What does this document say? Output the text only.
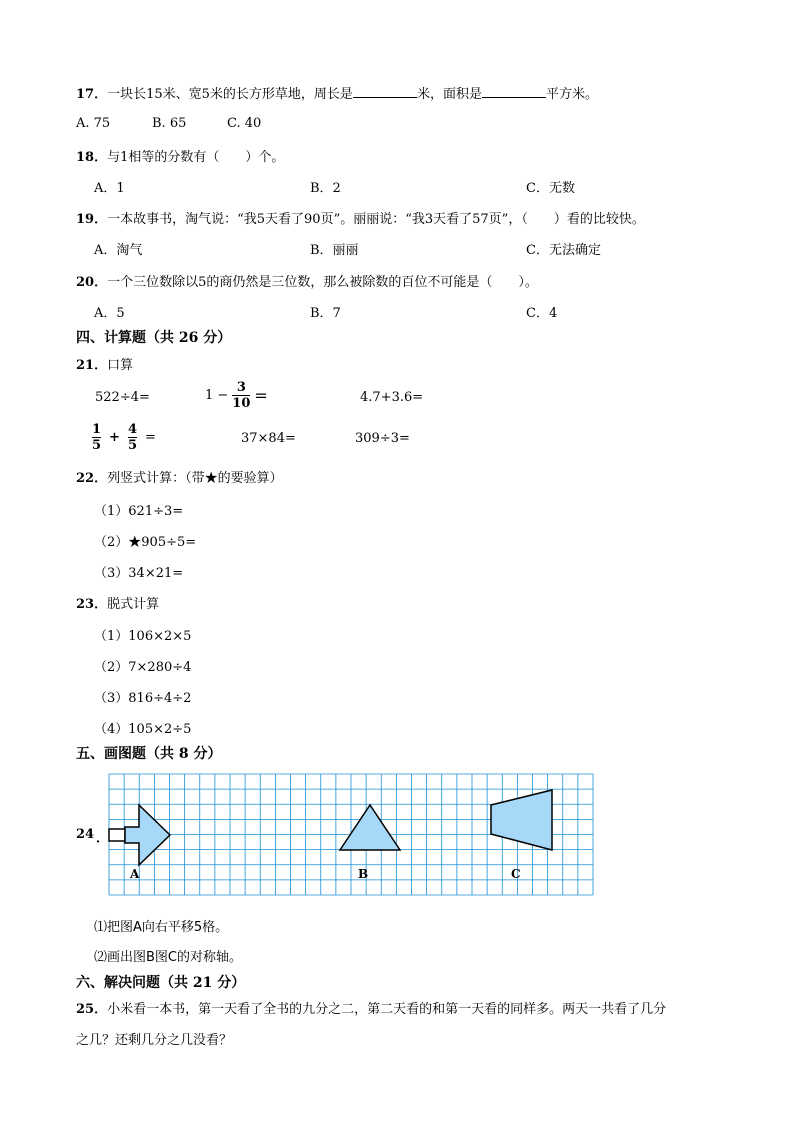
17．一块长15米、宽5米的长方形草地，周长是	米，面积是	平方米。
A. 75	B. 65	C. 40
18．与1相等的分数有（　　）个。
A．1	B．2	C．无数
19．一本故事书，淘气说：“我5天看了90页”。丽丽说：“我3天看了57页”，（　　）看的比较快。
A．淘气	B．丽丽	C．无法确定
20．一个三位数除以5的商仍然是三位数，那么被除数的百位不可能是（　　）。
A．5	B．7	C．4
四、计算题（共 26 分）
21．口算
522÷4=	$1 - \frac{3}{10}$ =	4.7+3.6=
$\frac{1}{5} + \frac{4}{5}$ =	37×84=	309÷3=
22．列竖式计算：（带★的要验算）
（1）621÷3=
（2）★905÷5=
（3）34×21=
23．脱式计算
（1）106×2×5
（2）7×280÷4
（3）816÷4÷2
（4）105×2÷5
五、画图题（共 8 分）
24 ．
A	B	C
⑴把图A向右平移5格。
⑵画出图B图C的对称轴。
六、解决问题（共 21 分）
25．小米看一本书，第一天看了全书的九分之二，第二天看的和第一天看的同样多。两天一共看了几分
之几？还剩几分之几没看？
